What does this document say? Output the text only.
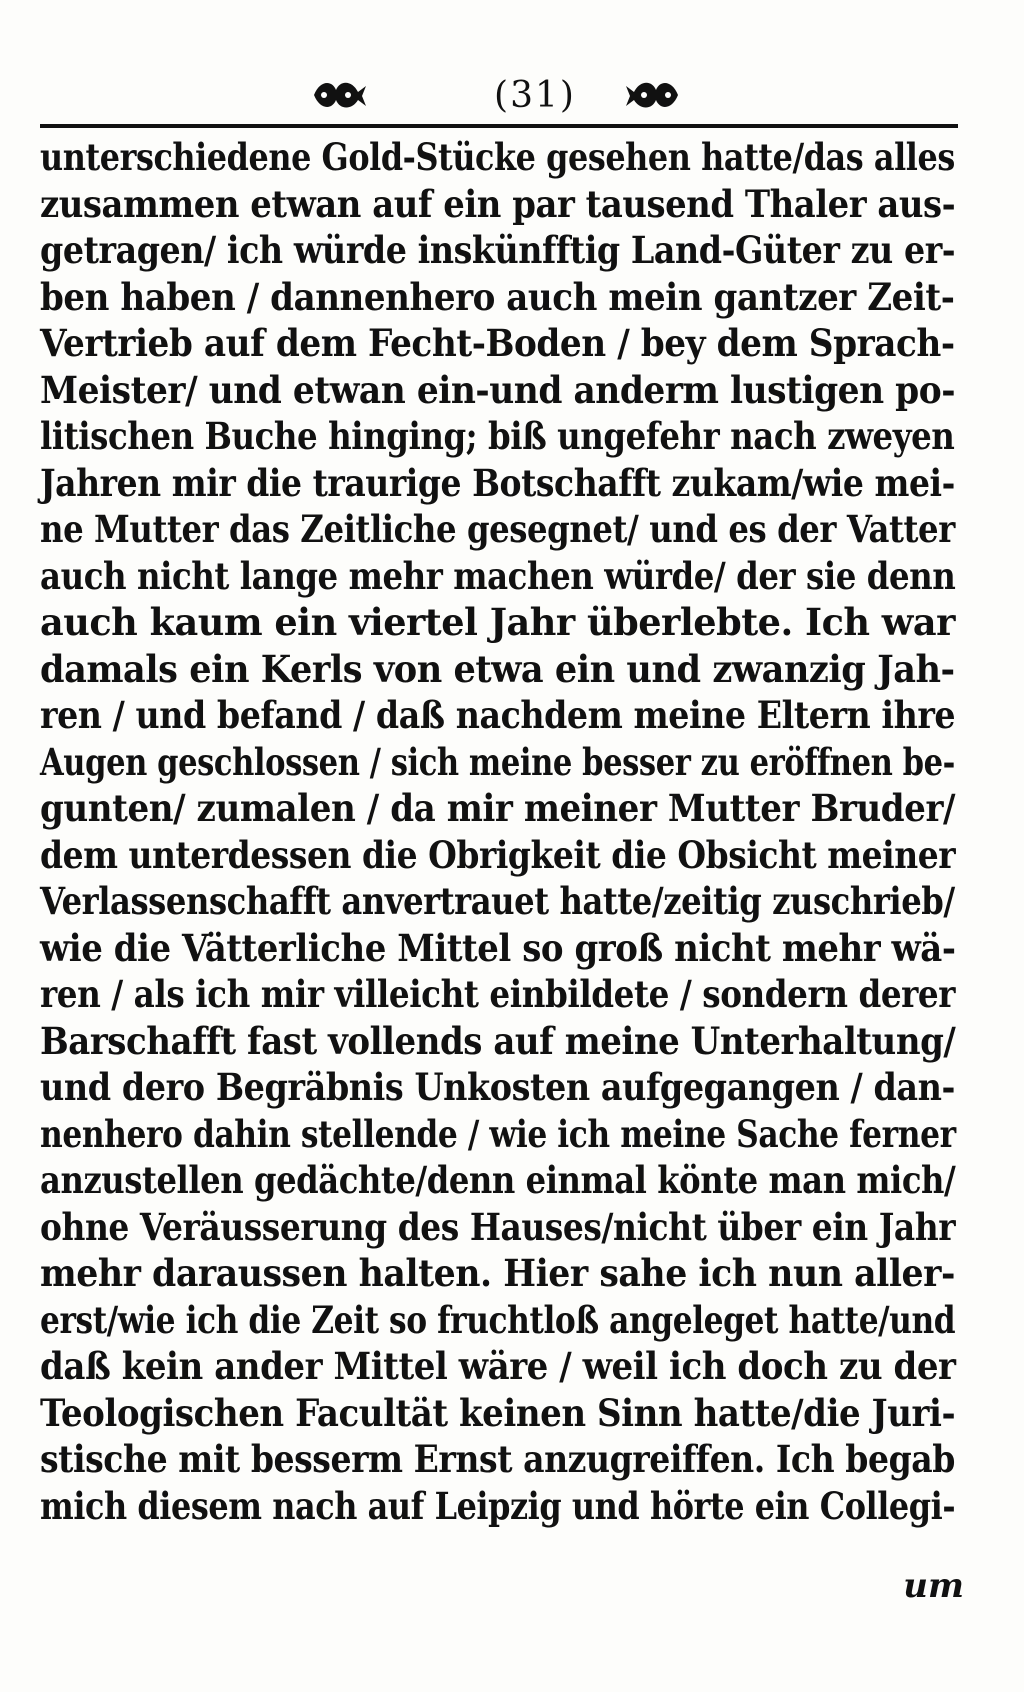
(31)
unterschiedene Gold-Stücke gesehen hatte/das alles
zusammen etwan auf ein par tausend Thaler aus-
getragen/ ich würde inskünfftig Land-Güter zu er-
ben haben / dannenhero auch mein gantzer Zeit-
Vertrieb auf dem Fecht-Boden / bey dem Sprach-
Meister/ und etwan ein-und anderm lustigen po-
litischen Buche hinging; biß ungefehr nach zweyen
Jahren mir die traurige Botschafft zukam/wie mei-
ne Mutter das Zeitliche gesegnet/ und es der Vatter
auch nicht lange mehr machen würde/ der sie denn
auch kaum ein viertel Jahr überlebte. Ich war
damals ein Kerls von etwa ein und zwanzig Jah-
ren / und befand / daß nachdem meine Eltern ihre
Augen geschlossen / sich meine besser zu eröffnen be-
gunten/ zumalen / da mir meiner Mutter Bruder/
dem unterdessen die Obrigkeit die Obsicht meiner
Verlassenschafft anvertrauet hatte/zeitig zuschrieb/
wie die Vätterliche Mittel so groß nicht mehr wä-
ren / als ich mir villeicht einbildete / sondern derer
Barschafft fast vollends auf meine Unterhaltung/
und dero Begräbnis Unkosten aufgegangen / dan-
nenhero dahin stellende / wie ich meine Sache ferner
anzustellen gedächte/denn einmal könte man mich/
ohne Veräusserung des Hauses/nicht über ein Jahr
mehr daraussen halten. Hier sahe ich nun aller-
erst/wie ich die Zeit so fruchtloß angeleget hatte/und
daß kein ander Mittel wäre / weil ich doch zu der
Teologischen Facultät keinen Sinn hatte/die Juri-
stische mit besserm Ernst anzugreiffen. Ich begab
mich diesem nach auf Leipzig und hörte ein Collegi-
um
